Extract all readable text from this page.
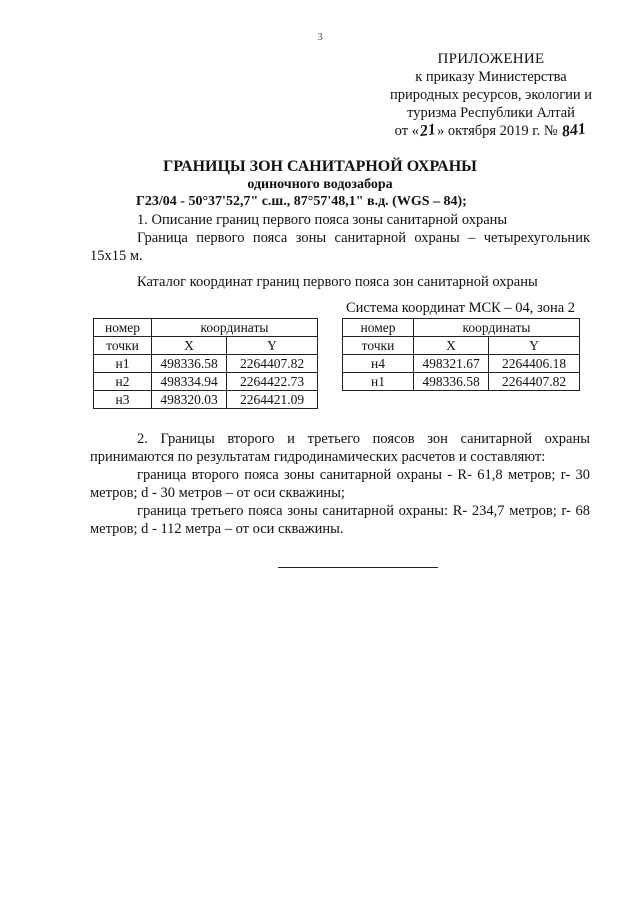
3
ПРИЛОЖЕНИЕ
к приказу Министерства
природных ресурсов, экологии и
туризма Республики Алтай
от «21» октября 2019 г. № 841
ГРАНИЦЫ ЗОН САНИТАРНОЙ ОХРАНЫ
одиночного водозабора
Г23/04 - 50°37'52,7" с.ш., 87°57'48,1" в.д. (WGS – 84);
1. Описание границ первого пояса зоны санитарной охраны
Граница первого пояса зоны санитарной охраны – четырехугольник 15x15 м.
Каталог координат границ первого пояса зон санитарной охраны
Система координат МСК – 04, зона 2
номер	координаты	
точки	X	Y
н1	498336.58	2264407.82
н2	498334.94	2264422.73
н3	498320.03	2264421.09
номер	координаты	
точки	X	Y
н4	498321.67	2264406.18
н1	498336.58	2264407.82
2. Границы второго и третьего поясов зон санитарной охраны принимаются по результатам гидродинамических расчетов и составляют:
граница второго пояса зоны санитарной охраны - R- 61,8 метров; r- 30 метров; d - 30 метров – от оси скважины;
граница третьего пояса зоны санитарной охраны: R- 234,7 метров; r- 68 метров; d - 112 метра – от оси скважины.
